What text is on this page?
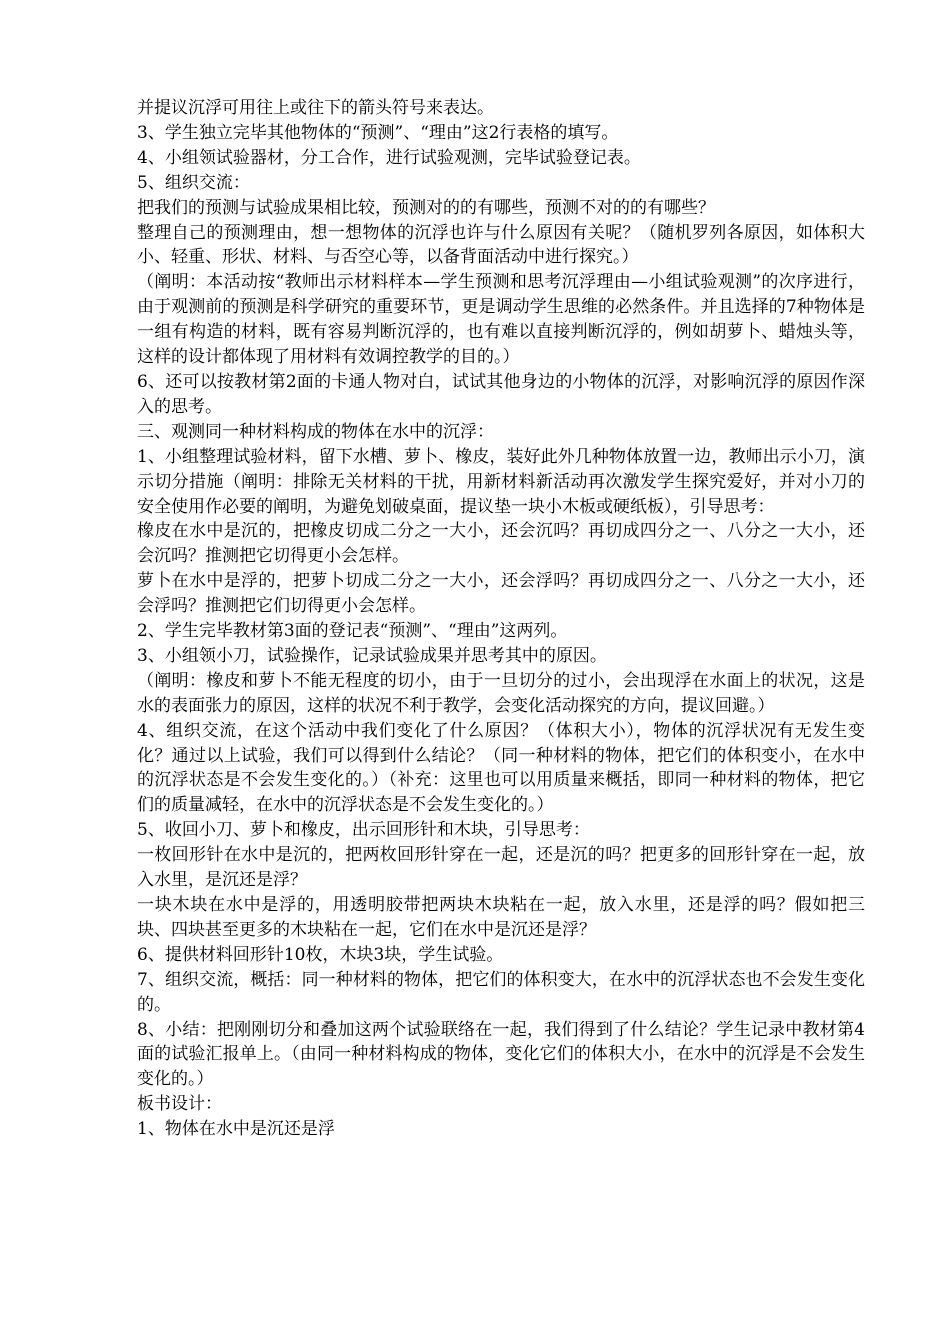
并提议沉浮可用往上或往下的箭头符号来表达。

3、学生独立完毕其他物体的“预测”、“理由”这2行表格的填写。

4、小组领试验器材，分工合作，进行试验观测，完毕试验登记表。

5、组织交流：

把我们的预测与试验成果相比较，预测对的的有哪些，预测不对的的有哪些？

整理自己的预测理由，想一想物体的沉浮也许与什么原因有关呢？（随机罗列各原因，如体积大小、轻重、形状、材料、与否空心等，以备背面活动中进行探究。）

（阐明：本活动按“教师出示材料样本—学生预测和思考沉浮理由—小组试验观测”的次序进行，由于观测前的预测是科学研究的重要环节，更是调动学生思维的必然条件。并且选择的7种物体是一组有构造的材料，既有容易判断沉浮的，也有难以直接判断沉浮的，例如胡萝卜、蜡烛头等，这样的设计都体现了用材料有效调控教学的目的。）

6、还可以按教材第2面的卡通人物对白，试试其他身边的小物体的沉浮，对影响沉浮的原因作深入的思考。

三、观测同一种材料构成的物体在水中的沉浮：

1、小组整理试验材料，留下水槽、萝卜、橡皮，装好此外几种物体放置一边，教师出示小刀，演示切分措施（阐明：排除无关材料的干扰，用新材料新活动再次激发学生探究爱好，并对小刀的安全使用作必要的阐明，为避免划破桌面，提议垫一块小木板或硬纸板），引导思考：

橡皮在水中是沉的，把橡皮切成二分之一大小，还会沉吗？再切成四分之一、八分之一大小，还会沉吗？推测把它切得更小会怎样。

萝卜在水中是浮的，把萝卜切成二分之一大小，还会浮吗？再切成四分之一、八分之一大小，还会浮吗？推测把它们切得更小会怎样。

2、学生完毕教材第3面的登记表“预测”、“理由”这两列。

3、小组领小刀，试验操作，记录试验成果并思考其中的原因。

（阐明：橡皮和萝卜不能无程度的切小，由于一旦切分的过小，会出现浮在水面上的状况，这是水的表面张力的原因，这样的状况不利于教学，会变化活动探究的方向，提议回避。）

4、组织交流，在这个活动中我们变化了什么原因？（体积大小），物体的沉浮状况有无发生变化？通过以上试验，我们可以得到什么结论？（同一种材料的物体，把它们的体积变小，在水中的沉浮状态是不会发生变化的。）（补充：这里也可以用质量来概括，即同一种材料的物体，把它们的质量减轻，在水中的沉浮状态是不会发生变化的。）

5、收回小刀、萝卜和橡皮，出示回形针和木块，引导思考：

一枚回形针在水中是沉的，把两枚回形针穿在一起，还是沉的吗？把更多的回形针穿在一起，放入水里，是沉还是浮？

一块木块在水中是浮的，用透明胶带把两块木块粘在一起，放入水里，还是浮的吗？假如把三块、四块甚至更多的木块粘在一起，它们在水中是沉还是浮？

6、提供材料回形针10枚，木块3块，学生试验。

7、组织交流，概括：同一种材料的物体，把它们的体积变大，在水中的沉浮状态也不会发生变化的。

8、小结：把刚刚切分和叠加这两个试验联络在一起，我们得到了什么结论？学生记录中教材第4面的试验汇报单上。（由同一种材料构成的物体，变化它们的体积大小，在水中的沉浮是不会发生变化的。）

板书设计：

1、物体在水中是沉还是浮
